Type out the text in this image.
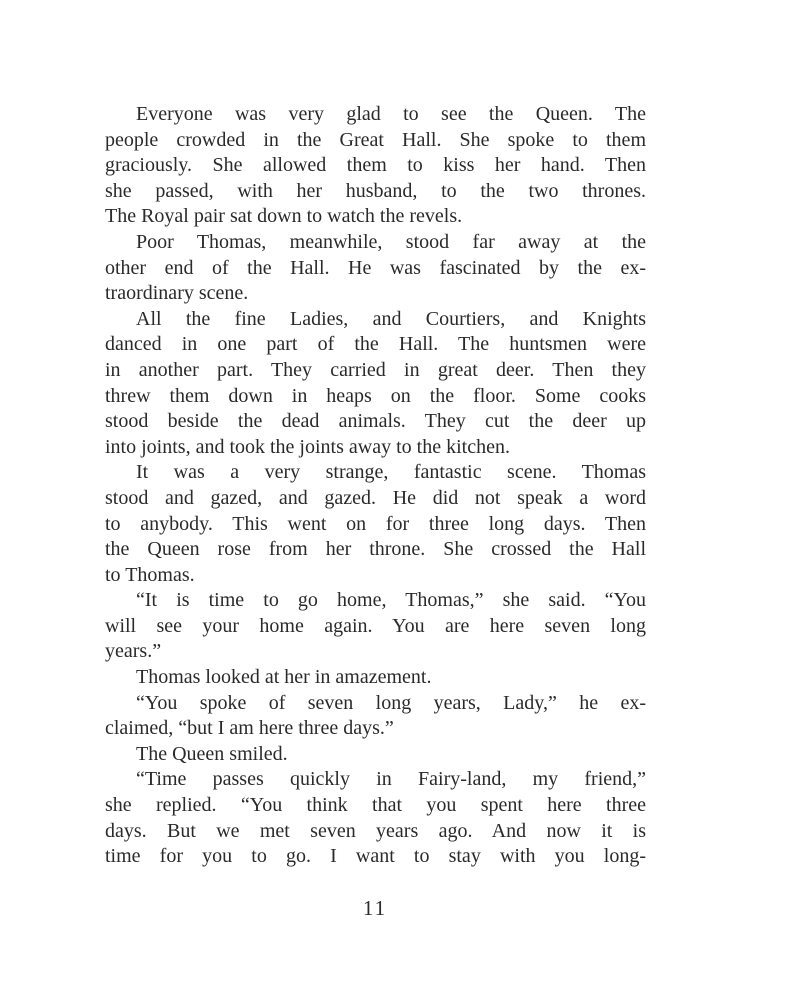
Everyone was very glad to see the Queen. The
people crowded in the Great Hall. She spoke to them
graciously. She allowed them to kiss her hand. Then
she passed, with her husband, to the two thrones.
The Royal pair sat down to watch the revels.
Poor Thomas, meanwhile, stood far away at the
other end of the Hall. He was fascinated by the ex-
traordinary scene.
All the fine Ladies, and Courtiers, and Knights
danced in one part of the Hall. The huntsmen were
in another part. They carried in great deer. Then they
threw them down in heaps on the floor. Some cooks
stood beside the dead animals. They cut the deer up
into joints, and took the joints away to the kitchen.
It was a very strange, fantastic scene. Thomas
stood and gazed, and gazed. He did not speak a word
to anybody. This went on for three long days. Then
the Queen rose from her throne. She crossed the Hall
to Thomas.
“It is time to go home, Thomas,” she said. “You
will see your home again. You are here seven long
years.”
Thomas looked at her in amazement.
“You spoke of seven long years, Lady,” he ex-
claimed, “but I am here three days.”
The Queen smiled.
“Time passes quickly in Fairy-land, my friend,”
she replied. “You think that you spent here three
days. But we met seven years ago. And now it is
time for you to go. I want to stay with you long-
11
